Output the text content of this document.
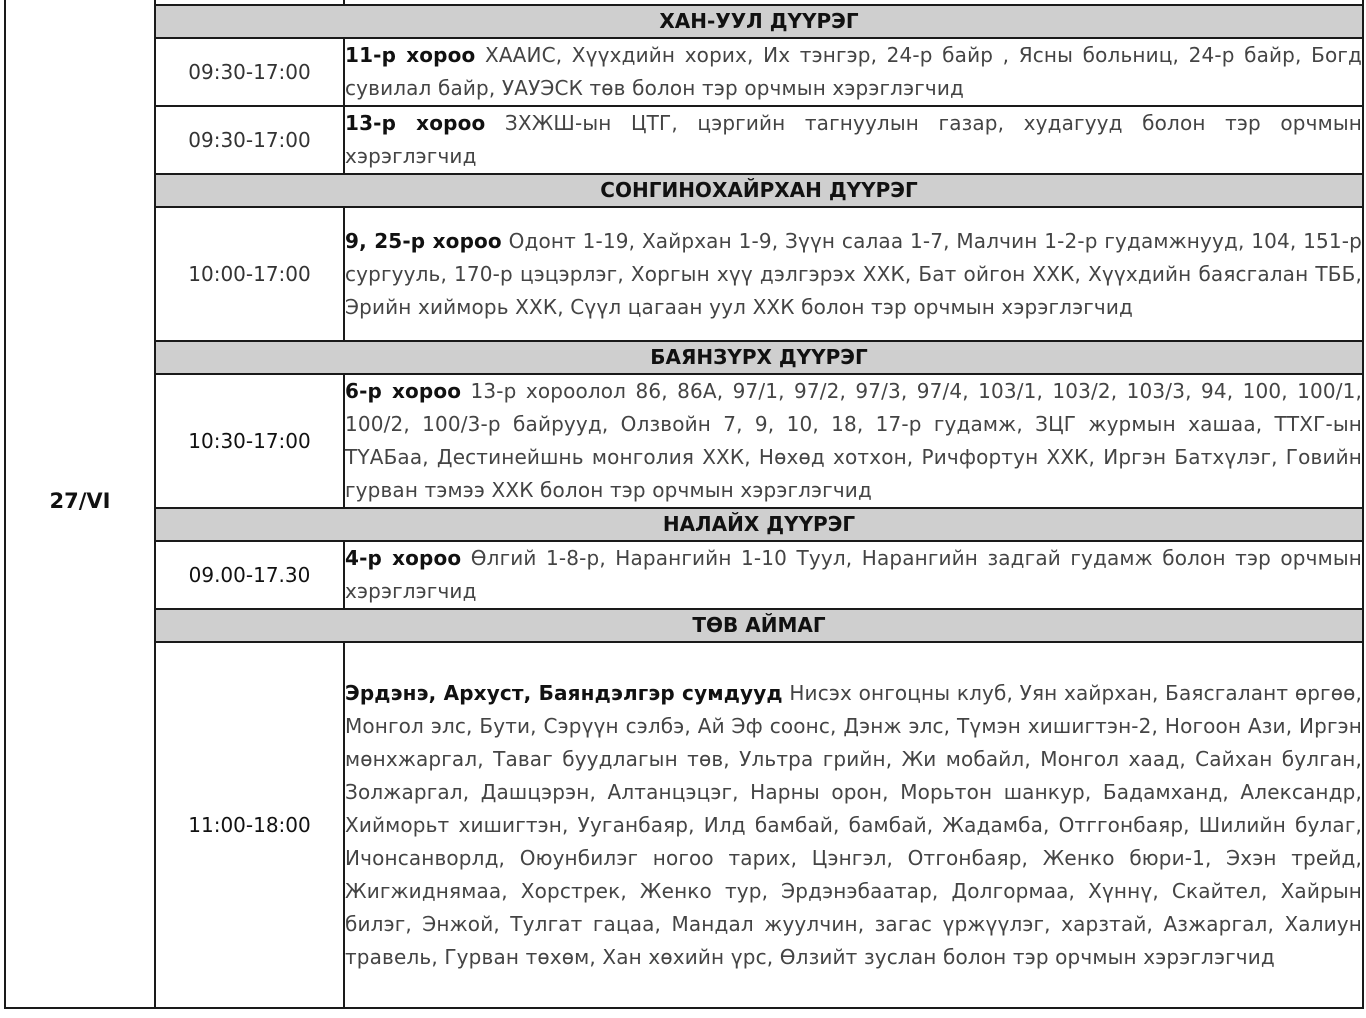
27/VI		
	ХАН-УУЛ ДҮҮРЭГ	
	09:30-17:00	11-р хороо ХААИС, Хүүхдийн хорих, Их тэнгэр, 24-р байр , Ясны больниц, 24-р байр, Богд сувилал байр, УАУЭСК төв болон тэр орчмын хэрэглэгчид
	09:30-17:00	13-р хороо ЗХЖШ-ын ЦТГ, цэргийн тагнуулын газар, худагууд болон тэр орчмын хэрэглэгчид
	СОНГИНОХАЙРХАН ДҮҮРЭГ	
	10:00-17:00	9, 25-р хороо Одонт 1-19, Хайрхан 1-9, Зүүн салаа 1-7, Малчин 1-2-р гудамжнууд, 104, 151-р сургууль, 170-р цэцэрлэг, Хоргын хүү дэлгэрэх ХХК, Бат ойгон ХХК, Хүүхдийн баясгалан ТББ, Эрийн хийморь ХХК, Сүүл цагаан уул ХХК болон тэр орчмын хэрэглэгчид
	БАЯНЗҮРХ ДҮҮРЭГ	
	10:30-17:00	6-р хороо 13-р хороолол 86, 86А, 97/1, 97/2, 97/3, 97/4, 103/1, 103/2, 103/3, 94, 100, 100/1, 100/2, 100/3-р байрууд, Олзвойн 7, 9, 10, 18, 17-р гудамж, ЗЦГ журмын хашаа, ТТХГ-ын ТҮАБаа, Дестинейшнь монголия ХХК, Нөхөд хотхон, Ричфортун ХХК, Иргэн Батхүлэг, Говийн гурван тэмээ ХХК болон тэр орчмын хэрэглэгчид
	НАЛАЙХ ДҮҮРЭГ	
	09.00-17.30	4-р хороо Өлгий 1-8-р, Нарангийн 1-10 Туул, Нарангийн задгай гудамж болон тэр орчмын хэрэглэгчид
	ТӨВ АЙМАГ	
	11:00-18:00	Эрдэнэ, Архуст, Баяндэлгэр сумдууд Нисэх онгоцны клуб, Уян хайрхан, Баясгалант өргөө, Монгол элс, Бути, Сэрүүн сэлбэ, Ай Эф соонс, Дэнж элс, Түмэн хишигтэн-2, Ногоон Ази, Иргэн мөнхжаргал, Таваг буудлагын төв, Ультра грийн, Жи мобайл, Монгол хаад, Сайхан булган, Золжаргал, Дашцэрэн, Алтанцэцэг, Нарны орон, Морьтон шанкур, Бадамханд, Александр, Хийморьт хишигтэн, Ууганбаяр, Илд бамбай, бамбай, Жадамба, Отггонбаяр, Шилийн булаг, Ичонсанворлд, Оюунбилэг ногоо тарих, Цэнгэл, Отгонбаяр, Женко бюри-1, Эхэн трейд, Жигжиднямаа, Хорстрек, Женко тур, Эрдэнэбаатар, Долгормаа, Хүннү, Скайтел, Хайрын билэг, Энжой, Тулгат гацаа, Мандал жуулчин, загас үржүүлэг, харзтай, Азжаргал, Халиун травель, Гурван төхөм, Хан хөхийн үрс, Өлзийт зуслан болон тэр орчмын хэрэглэгчид
